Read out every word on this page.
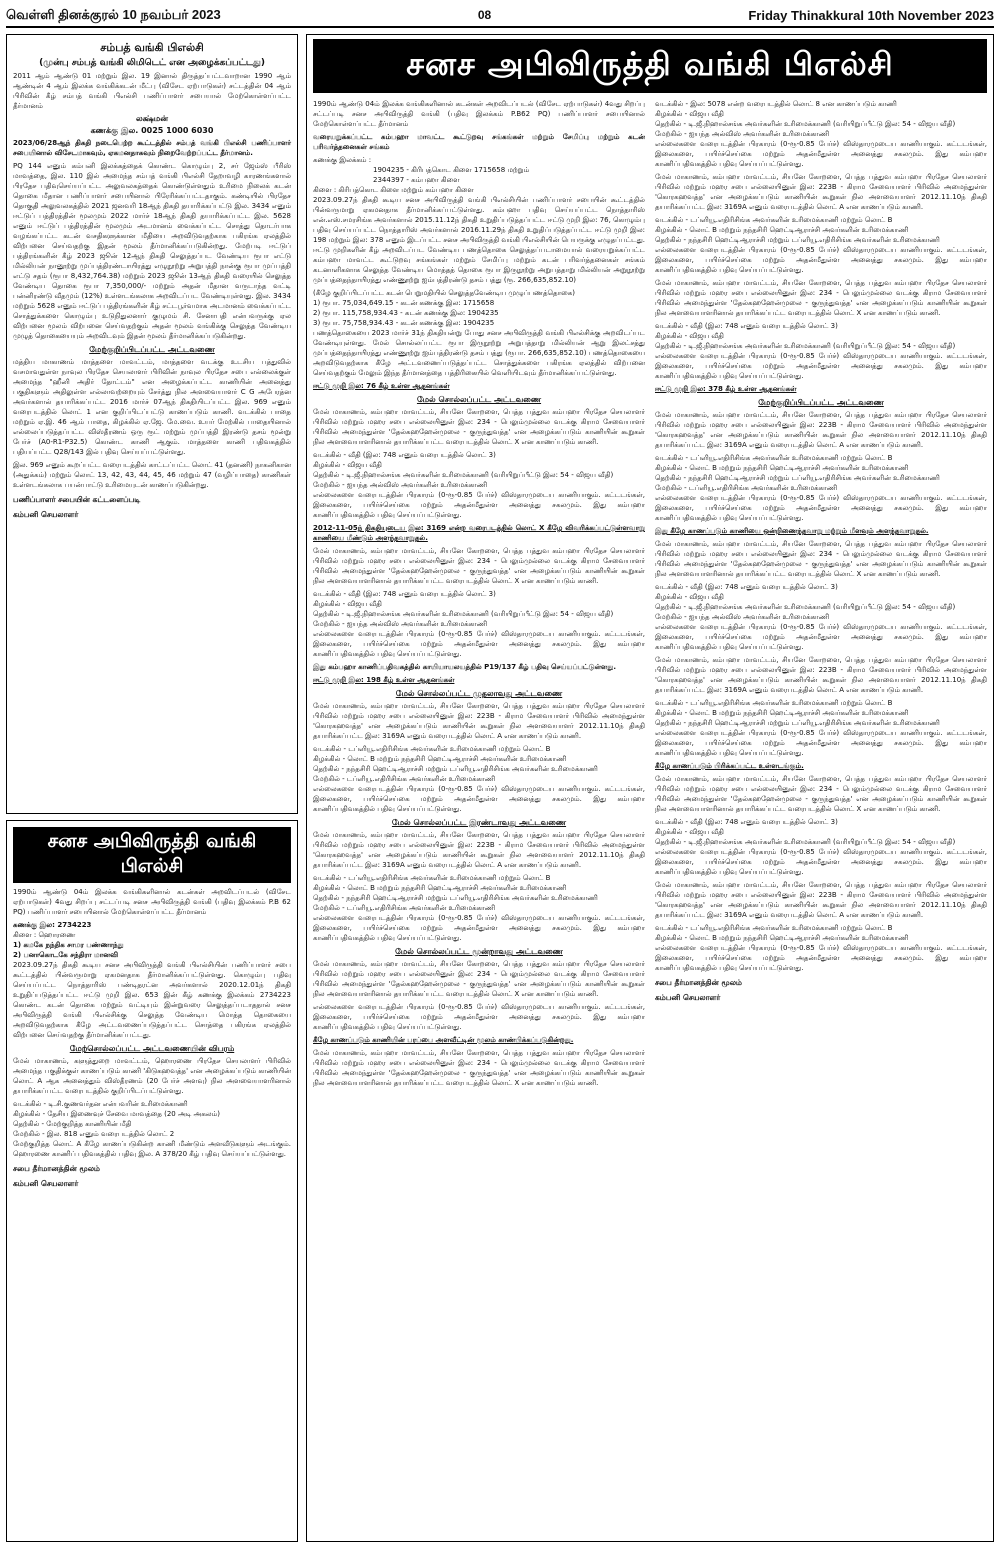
வெள்ளி தினக்குரல் 10 நவம்பர் 2023	08	Friday Thinakkural 10th November 2023
சம்பத் வங்கி பிஎல்சி
(முன்பு சம்பத் வங்கி லிமிடெட் என அழைக்கப்பட்டது)

2011 ஆம் ஆண்டு 01 மற்றும் இல. 19 இனால் திருத்தப்பட்டவாறான 1990 ஆம் ஆண்டின் 4 ஆம் இலக்க வங்கிக்கடன் மீட்பு (விசேட ஏற்பாடுகள்) சட்டத்தின் 04 ஆம் பிரிவின் கீழ் சம்பத் வங்கி பிஎல்சி பணிப்பாளர் சபையால் மேற்கொள்ளப்பட்ட தீர்மானம்

லக்ஷ்மன்
கணக்கு இல. 0025 1000 6030

2023/06/28ஆந் திகதி நடைபெற்ற கூட்டத்தில் சம்பத் வங்கி பிஎல்சி பணிப்பாளர் சபையினால் விசேடமாகவும், ஏகமனதாகவும் நிறைவேற்றப்பட்ட தீர்மானம்.

PQ 144 எனும் கம்பனி இலக்கத்தைக் கொண்ட கொழும்பு 2, சர் ஜேம்ஸ் பீரிஸ் மாவத்தை, இல. 110 இல் அமைந்த சம்பத் வங்கி பிஎல்சி தேறாவழி காரணங்களால் பிரதேச பதிவுசெய்யப்பட்ட அலுவலகத்தைக் கொண்டுள்ளதும் உரிமை நிலைக் கடன் தொகை மீதான பணிப்பாளர் சபையினால் பிரேரிக்கப்பட்டதாகும். கண்டியில் பிரதேச தொகுதி அலுவலகத்தில் 2021 ஜனவரி 18ஆந் திகதி தயாரிக்கப்பட்டு இல. 3434 எனும் ஈட்டுப் பத்திரத்தின் மூலமும் 2022 மார்ச் 18ஆந் திகதி தயாரிக்கப்பட்ட இல. 5628 எனும் ஈட்டுப் பத்திரத்தின் மூலமும் அடமானம் வைக்கப்பட்ட சொத்து தொடர்பாக வழங்கப்பட்ட கடன் வசதிகளுக்கான மீதியை அறவிடுவதற்காக பகிரங்க ஏலத்தில் விற்பனை செய்வதற்கு இதன் மூலம் தீர்மானிக்கப்படுகின்றது. மேற்படி ஈட்டுப் பத்திரங்களின் கீழ் 2023 ஜூன் 12ஆந் திகதி செலுத்தப்பட வேண்டிய ரூபா எட்டு மில்லியன் நானூற்று முப்பத்திரண்டாயிரத்து எழுநூற்று அறுபத்தி நான்கு ரூபா முப்பத்தி எட்டு சதம் (ரூபா 8,432,764.38) மற்றும் 2023 ஜூன் 13ஆந் திகதி வரையில் செலுத்த வேண்டிய தொகை ரூபா 7,350,000/- மற்றும் அதன் மீதான வருடாந்த வட்டி பன்னிரண்டு வீதமும் (12%) உள்ளடங்கலாக அறவிடப்பட வேண்டியுள்ளது. இல. 3434 மற்றும் 5628 எனும் ஈட்டுப் பத்திரங்களின் கீழ் சட்டபூர்வமாக அடமானம் வைக்கப்பட்ட சொத்துக்களை கொழும்பு உடுநிதுலனார் குழுமம் சி. சேனாபதி என்பவருக்கு ஏல விற்பனை மூலம் விற்பனை செய்வதற்கும் அதன் மூலம் வங்கிக்கு செலுத்த வேண்டிய முழுத் தொகையையும் அறவிடவும் இதன் மூலம் தீர்மானிக்கப்படுகின்றது.

மேற்குறிப்பிடப்பட்ட அட்டவணை

மத்திய மாகாணம் மாத்தளை மாவட்டம், மாத்தளை வடக்கு உடசிய பத்துவில் வசமாவதுள்ள நாவுல பிரதேச செயலாளர் பிரிவின் நாவுல பிரதேச சபை எல்லைக்குள் அமைந்த "ஹீனி அதிர் தோட்டம்" என அழைக்கப்பட்ட காணியின் அனைத்து பகுதிகளும் அதிலுள்ள எல்லாவற்றையும் சேர்த்து நில அளவையாளர் C G அபேரத்ன அவர்களால் தயாரிக்கப்பட்ட 2016 மார்ச் 07ஆந் திகதியிடப்பட்ட இல. 969 எனும் வரைபடத்தில் லொட் 1 என குறிப்பிடப்பட்டு காணப்படும் காணி. வடக்கில் பாதை மற்றும் ஏ.இ. 46 ஆம் பாதை, கிழக்கில் ஏ.ஜே. மே.வை. உயர் மேற்கில் பாதையினால் எல்லைப்படுத்தப்பட்ட விஸ்தீரணம் ஒரு ரூட் மற்றும் முப்பத்தி இரண்டு தசம் மூன்று பேர்ச் (A0-R1-P32.5) கொண்ட காணி ஆகும். மாத்தளை காணி பதிவகத்தில் பதியப்பட்ட Q28/143 இல் பதிவு செய்யப்பட்டுள்ளது.

இல. 969 எனும் கூறப்பட்ட வரைபடத்தில் காட்டப்பட்ட லொட் 41 (தனணி) நாகனிகான (அதுக்கம்) மற்றும் லொட் 13, 42, 43, 44, 45, 46 மற்றும் 47 (வழிப்பாதை) காணிகள் உள்ளடங்கலாக பயன்பாட்டு உரிமையுடன் காணப்படுகின்றது.

பணிப்பாளர் சபையின் கட்டளைப்படி
கம்பனி செயலாளர்
சனச அபிவிருத்தி வங்கி பிஎல்சி

1990ம் ஆண்டு 04ம் இலக்க வங்கிகளினால் கடன்கள் அறவிடப்படல் (விசேட ஏற்பாடுகள்) 4வது சிறப்பு சட்டப்படி சனச அபிவிருத்தி வங்கி (பதிவு இலக்கம் P.B 62 PQ) பணிப்பாளர் சபையினால் மேற்கொள்ளப்பட்ட தீர்மானம்

கணக்கு இல: 2734223

கிளை : ஹொரணை

1) கமகே நந்திக சாமர பண்ணாந்து

2) பனாகொடகே சந்திரா மானவி

2023.09.27ந் திகதி கூடிய சனச அபிவிருத்தி வங்கி பிஎல்சியின் பணிப்பாளர் சபை கூட்டத்தில் பின்வருமாறு ஏகமனதாக தீர்மானிக்கப்பட்டுள்ளது. கொழும்பு பதிவு செய்யப்பட்ட நொத்தாரிஸ் பண்டிதரட்ன அவர்களால் 2020.12.01ந் திகதி உறுதிப்படுத்தப்பட்ட ஈட்டு முறி இல. 653 இன் கீழ் கணக்கு இலக்கம் 2734223 கொண்ட கடன் தொகை மற்றும் வட்டியும் இன்றுவரை செலுத்தப்படாததால் சனச அபிவிருத்தி வங்கி பிஎல்சிக்கு செலுத்த வேண்டிய மொத்த தொகையை அறவிடுவதற்காக கீழே அட்டவணைப்படுத்தப்பட்ட சொத்தை பகிரங்க ஏலத்தில் விற்பனை செய்வதற்கு தீர்மானிக்கப்பட்டது.

மேற்சொல்லப்பட்ட அட்டவணையின் விபரம்

மேல் மாகாணம், களுத்துறை மாவட்டம், ஹொரணை பிரதேச செயலாளர் பிரிவில் அமைந்த பகுதிக்குள் காணப்படும் காணி 'கிடுகஹவத்த' என அழைக்கப்படும் காணியின் லொட் A ஆக அனைத்தும் விஸ்தீரணம் (20 பேர்ச் அளவு) நில அளவையாளரினால் தயாரிக்கப்பட்ட வரைபடத்தில் குறிப்பிடப்பட்டுள்ளது.

வடக்கில் - டி.சி.குணவர்தன என்பவரின் உரிமைக்காணி

கிழக்கில் - தேசிய இணைவுச் சேவை மாவத்தை (20 அடி அகலம்)

தெற்கில் - மேற்குறித்த காணியின் மீதி

மேற்கில் - இல. 818 எனும் வரைபடத்தில் லொட் 2

மேற்குறித்த லொட் A கீழே காணப்படுகின்ற காணி மீண்டும் அளவீடுகளும் அடங்கும். ஹொரணை காணிப் பதிவகத்தில் பதிவு இல. A 378/20 கீழ் பதிவு செய்யப்பட்டுள்ளது.

சபை தீர்மானத்தின் மூலம்
கம்பனி செயலாளர்
சனச அபிவிருத்தி வங்கி பிஎல்சி

1990ம் ஆண்டு 04ம் இலக்க வங்கிகளினால் கடன்கள் அறவிடப்படல் (விசேட ஏற்பாடுகள்) 4வது சிறப்பு சட்டப்படி சனச அபிவிருத்தி வங்கி (பதிவு இலக்கம் P.B62 PQ) பணிப்பாளர் சபையினால் மேற்கொள்ளப்பட்ட தீர்மானம்

வரையறுக்கப்பட்ட கம்பஹா மாவட்ட கூட்டுறவு சங்கங்கள் மற்றும் சேமிப்பு மற்றும் கடன் பரிவர்த்தனைகள் சங்கம்

கணக்கு இலக்கம் :

1904235 - கிரிபத்கொட கிளை 1715658 மற்றும்

2344397 - கம்பஹா கிளை

கிளை : கிரிபத்கொட கிளை மற்றும் கம்பஹா கிளை

2023.09.27ந் திகதி கூடிய சனச அபிவிருத்தி வங்கி பிஎல்சியின் பணிப்பாளர் சபையின் கூட்டத்தில் பின்வருமாறு ஏகமனதாக தீர்மானிக்கப்பட்டுள்ளது. கம்பஹா பதிவு செய்யப்பட்ட நொத்தாரிஸ் என்.எஸ்.சமரசிங்க அவர்களால் 2015.11.12ந் திகதி உறுதிப்படுத்தப்பட்ட ஈட்டு முறி இல: 76, கொழும்பு பதிவு செய்யப்பட்ட நொத்தாரிஸ் அவர்களால் 2016.11.29ந் திகதி உறுதிப்படுத்தப்பட்ட ஈட்டு முறி இல: 198 மற்றும் இல: 378 எனும் இடப்பட்ட சனச அபிவிருத்தி வங்கி பிஎல்சியின் பெயருக்கு எழுதப்பட்டது. ஈட்டு முறிகளின் கீழ் அறவிடப்பட வேண்டிய பணத்தொகை செலுத்தப்படாமையால் வரையறுக்கப்பட்ட கம்பஹா மாவட்ட கூட்டுறவு சங்கங்கள் மற்றும் சேமிப்பு மற்றும் கடன் பரிவர்த்தனைகள் சங்கம் கடனாளிகளாக செலுத்த வேண்டிய மொத்தத் தொகை ரூபா இருநூற்று அறுபத்தாறு மில்லியன் அறுநூற்று முப்பத்தைந்தாயிரத்து எண்ணூற்று ஐம்பத்திரண்டு தசம் பத்து (ரூ. 266,635,852.10)

(கீழே குறிப்பிடப்பட்ட கடன் பெறுமதியில் செலுத்தவேண்டிய முழுப்பணத்தொகை)

1) ரூபா. 75,034,649.15 - கடன் கணக்கு இல: 1715658

2) ரூபா. 115,758,934.43 - கடன் கணக்கு இல: 1904235

3) ரூபா. 75,758,934.43 - கடன் கணக்கு இல: 1904235

பணத்தொகையை 2023 மார்ச் 31ந் திகதியன்று போது சனச அபிவிருத்தி வங்கி பிஎல்சிக்கு அறவிடப்பட வேண்டியுள்ளது. மேல் சொல்லப்பட்ட ரூபா இருநூற்று அறுபத்தாறு மில்லியன் ஆறு இலட்சத்து முப்பத்தைந்தாயிரத்து எண்ணூற்று ஐம்பத்திரண்டு தசம் பத்து (ரூபா. 266,635,852.10) பணத்தொகையை அறவிடுவதற்காக கீழே அட்டவணைப்படுத்தப்பட்ட சொத்துக்களை பகிரங்க ஏலத்தில் விற்பனை செய்வதற்கும் மேலும் இந்த தீர்மானத்தை பத்திரிகையில் வெளியிடவும் தீர்மானிக்கப்பட்டுள்ளது.

ஈட்டு முறி இல: 76 கீழ் உள்ள ஆதனங்கள்

மேல் சொல்லப்பட்ட அட்டவணை

மேல் மாகாணம், கம்பஹா மாவட்டம், சியனே கோறளை, பெத்த பத்துவ கம்பஹா பிரதேச செயலாளர் பிரிவில் மற்றும் மஹர சபை எல்லையினுள் இல: 234 - பெலும்முல்லை வடக்கு கிராம சேவையாளர் பிரிவில் அமைந்துள்ள 'தேல்கஹஹேன்முலை - குருந்துவத்த' என அழைக்கப்படும் காணியின் கூறுகள் நில அளவையாளரினால் தயாரிக்கப்பட்ட வரைபடத்தில் லொட் X என காணப்படும் காணி.

வடக்கில் - வீதி (இல: 748 எனும் வரைபடத்தில் லொட் 3)

கிழக்கில் - விஜய வீதி

தெற்கில் - டி.ஜீ.நிஹால்சங்க அவர்களின் உரிமைக்காணி (வரியிறுப்பீட்டு இல: 54 - விஜய வீதி)

மேற்கில் - ஐயந்த அல்விஸ் அவர்களின் உரிமைக்காணி

எல்லைகளை வரைபடத்தின் பிரகாரம் (0-ரூ-0.85 பேர்ச்) விஸ்தாரமுடைய காணியாகும். கட்டடங்கள், இலைகளை, பயிர்ச்செய்கை மற்றும் அதன்மீதுள்ள அனைத்து சகலமும். இது கம்பஹா காணிப்பதிவகத்தில் பதிவு செய்யப்பட்டுள்ளது.

2012-11-05ந் திகதியுடைய இல: 3169 என்ற வரைபடத்தில் லொட் X கீழே விவரிக்கப்பட்டுள்ளவாறு காணியை மீண்டும் அளந்தவாறுதல்.

மேல் மாகாணம், கம்பஹா மாவட்டம், சியனே கோறளை, பெத்த பத்துவ கம்பஹா பிரதேச செயலாளர் பிரிவில் மற்றும் மஹர சபை எல்லையினுள் இல: 234 - பெலும்முல்லை வடக்கு கிராம சேவையாளர் பிரிவில் அமைந்துள்ள 'தேல்கஹஹேன்முலை - குருந்துவத்த' என அழைக்கப்படும் காணியின் கூறுகள் நில அளவையாளரினால் தயாரிக்கப்பட்ட வரைபடத்தில் லொட் X என காணப்படும் காணி.

வடக்கில் - வீதி (இல: 748 எனும் வரைபடத்தில் லொட் 3)

கிழக்கில் - விஜய வீதி

தெற்கில் - டி.ஜீ.நிஹால்சங்க அவர்களின் உரிமைக்காணி (வரியிறுப்பீட்டு இல: 54 - விஜய வீதி)

மேற்கில் - ஐயந்த அல்விஸ் அவர்களின் உரிமைக்காணி

எல்லைகளை வரைபடத்தின் பிரகாரம் (0-ரூ-0.85 பேர்ச்) விஸ்தாரமுடைய காணியாகும். கட்டடங்கள், இலைகளை, பயிர்ச்செய்கை மற்றும் அதன்மீதுள்ள அனைத்து சகலமும். இது கம்பஹா காணிப்பதிவகத்தில் பதிவு செய்யப்பட்டுள்ளது.

இது கம்பஹா காணிப்பதிவகத்தில் காயியாயலயத்தில் P19/137 கீழ் பதிவு செய்யப்பட்டுள்ளது.

ஈட்டு முறி இல: 198 கீழ் உள்ள ஆதனங்கள்

மேல் சொல்லப்பட்ட முதலாவது அட்டவணை

மேல் மாகாணம், கம்பஹா மாவட்டம், சியனே கோறளை, பெத்த பத்துவ கம்பஹா பிரதேச செயலாளர் பிரிவில் மற்றும் மஹர சபை எல்லையினுள் இல: 223B - கிராம சேவையாளர் பிரிவில் அமைந்துள்ள 'கொரகஹவத்த' என அழைக்கப்படும் காணியின் கூறுகள் நில அளவையாளர் 2012.11.10ந் திகதி தயாரிக்கப்பட்ட இல: 3169A எனும் வரைபடத்தில் லொட் A என காணப்படும் காணி.

வடக்கில் - டப்ளியூ.எதிரிசிங்க அவர்களின் உரிமைக்காணி மற்றும் லொட் B

கிழக்கில் - லொட் B மற்றும் நந்தசிரி ஹெட்டிஆராச்சி அவர்களின் உரிமைக்காணி

தெற்கில் - நந்தசிரி ஹெட்டிஆராச்சி மற்றும் டப்ளியூ.எதிரிசிங்க அவர்களின் உரிமைக்காணி

மேற்கில் - டப்ளியூ.எதிரிசிங்க அவர்களின் உரிமைக்காணி

எல்லைகளை வரைபடத்தின் பிரகாரம் (0-ரூ-0.85 பேர்ச்) விஸ்தாரமுடைய காணியாகும். கட்டடங்கள், இலைகளை, பயிர்ச்செய்கை மற்றும் அதன்மீதுள்ள அனைத்து சகலமும். இது கம்பஹா காணிப்பதிவகத்தில் பதிவு செய்யப்பட்டுள்ளது.

மேல் சொல்லப்பட்ட இரண்டாவது அட்டவணை

மேல் மாகாணம், கம்பஹா மாவட்டம், சியனே கோறளை, பெத்த பத்துவ கம்பஹா பிரதேச செயலாளர் பிரிவில் மற்றும் மஹர சபை எல்லையினுள் இல: 223B - கிராம சேவையாளர் பிரிவில் அமைந்துள்ள 'கொரகஹவத்த' என அழைக்கப்படும் காணியின் கூறுகள் நில அளவையாளர் 2012.11.10ந் திகதி தயாரிக்கப்பட்ட இல: 3169A எனும் வரைபடத்தில் லொட் A என காணப்படும் காணி.

வடக்கில் - டப்ளியூ.எதிரிசிங்க அவர்களின் உரிமைக்காணி மற்றும் லொட் B

கிழக்கில் - லொட் B மற்றும் நந்தசிரி ஹெட்டிஆராச்சி அவர்களின் உரிமைக்காணி

தெற்கில் - நந்தசிரி ஹெட்டிஆராச்சி மற்றும் டப்ளியூ.எதிரிசிங்க அவர்களின் உரிமைக்காணி

மேற்கில் - டப்ளியூ.எதிரிசிங்க அவர்களின் உரிமைக்காணி

எல்லைகளை வரைபடத்தின் பிரகாரம் (0-ரூ-0.85 பேர்ச்) விஸ்தாரமுடைய காணியாகும். கட்டடங்கள், இலைகளை, பயிர்ச்செய்கை மற்றும் அதன்மீதுள்ள அனைத்து சகலமும். இது கம்பஹா காணிப்பதிவகத்தில் பதிவு செய்யப்பட்டுள்ளது.

மேல் சொல்லப்பட்ட மூன்றாவது அட்டவணை

மேல் மாகாணம், கம்பஹா மாவட்டம், சியனே கோறளை, பெத்த பத்துவ கம்பஹா பிரதேச செயலாளர் பிரிவில் மற்றும் மஹர சபை எல்லையினுள் இல: 234 - பெலும்முல்லை வடக்கு கிராம சேவையாளர் பிரிவில் அமைந்துள்ள 'தேல்கஹஹேன்முலை - குருந்துவத்த' என அழைக்கப்படும் காணியின் கூறுகள் நில அளவையாளரினால் தயாரிக்கப்பட்ட வரைபடத்தில் லொட் X என காணப்படும் காணி.

எல்லைகளை வரைபடத்தின் பிரகாரம் (0-ரூ-0.85 பேர்ச்) விஸ்தாரமுடைய காணியாகும். கட்டடங்கள், இலைகளை, பயிர்ச்செய்கை மற்றும் அதன்மீதுள்ள அனைத்து சகலமும். இது கம்பஹா காணிப்பதிவகத்தில் பதிவு செய்யப்பட்டுள்ளது.

கீழே காணப்படும் காணியின் பரப்பை அளவீட்டின் மூலம் காண்பிக்கப்படுகின்றது.

மேல் மாகாணம், கம்பஹா மாவட்டம், சியனே கோறளை, பெத்த பத்துவ கம்பஹா பிரதேச செயலாளர் பிரிவில் மற்றும் மஹர சபை எல்லையினுள் இல: 234 - பெலும்முல்லை வடக்கு கிராம சேவையாளர் பிரிவில் அமைந்துள்ள 'தேல்கஹஹேன்முலை - குருந்துவத்த' என அழைக்கப்படும் காணியின் கூறுகள் நில அளவையாளரினால் தயாரிக்கப்பட்ட வரைபடத்தில் லொட் X என காணப்படும் காணி.

வடக்கில் - இல: 5078 என்ற வரைபடத்தில் லொட் 8 என காணப்படும் காணி

கிழக்கில் - விஜய வீதி

தெற்கில் - டி.ஜீ.நிஹால்சங்க அவர்களின் உரிமைக்காணி (வரியிறுப்பீட்டு இல: 54 - விஜய வீதி)

மேற்கில் - ஐயந்த அல்விஸ் அவர்களின் உரிமைக்காணி

எல்லைகளை வரைபடத்தின் பிரகாரம் (0-ரூ-0.85 பேர்ச்) விஸ்தாரமுடைய காணியாகும். கட்டடங்கள், இலைகளை, பயிர்ச்செய்கை மற்றும் அதன்மீதுள்ள அனைத்து சகலமும். இது கம்பஹா காணிப்பதிவகத்தில் பதிவு செய்யப்பட்டுள்ளது.

மேல் மாகாணம், கம்பஹா மாவட்டம், சியனே கோறளை, பெத்த பத்துவ கம்பஹா பிரதேச செயலாளர் பிரிவில் மற்றும் மஹர சபை எல்லையினுள் இல: 223B - கிராம சேவையாளர் பிரிவில் அமைந்துள்ள 'கொரகஹவத்த' என அழைக்கப்படும் காணியின் கூறுகள் நில அளவையாளர் 2012.11.10ந் திகதி தயாரிக்கப்பட்ட இல: 3169A எனும் வரைபடத்தில் லொட் A என காணப்படும் காணி.

வடக்கில் - டப்ளியூ.எதிரிசிங்க அவர்களின் உரிமைக்காணி மற்றும் லொட் B

கிழக்கில் - லொட் B மற்றும் நந்தசிரி ஹெட்டிஆராச்சி அவர்களின் உரிமைக்காணி

தெற்கில் - நந்தசிரி ஹெட்டிஆராச்சி மற்றும் டப்ளியூ.எதிரிசிங்க அவர்களின் உரிமைக்காணி

எல்லைகளை வரைபடத்தின் பிரகாரம் (0-ரூ-0.85 பேர்ச்) விஸ்தாரமுடைய காணியாகும். கட்டடங்கள், இலைகளை, பயிர்ச்செய்கை மற்றும் அதன்மீதுள்ள அனைத்து சகலமும். இது கம்பஹா காணிப்பதிவகத்தில் பதிவு செய்யப்பட்டுள்ளது.

மேல் மாகாணம், கம்பஹா மாவட்டம், சியனே கோறளை, பெத்த பத்துவ கம்பஹா பிரதேச செயலாளர் பிரிவில் மற்றும் மஹர சபை எல்லையினுள் இல: 234 - பெலும்முல்லை வடக்கு கிராம சேவையாளர் பிரிவில் அமைந்துள்ள 'தேல்கஹஹேன்முலை - குருந்துவத்த' என அழைக்கப்படும் காணியின் கூறுகள் நில அளவையாளரினால் தயாரிக்கப்பட்ட வரைபடத்தில் லொட் X என காணப்படும் காணி.

வடக்கில் - வீதி (இல: 748 எனும் வரைபடத்தில் லொட் 3)

கிழக்கில் - விஜய வீதி

தெற்கில் - டி.ஜீ.நிஹால்சங்க அவர்களின் உரிமைக்காணி (வரியிறுப்பீட்டு இல: 54 - விஜய வீதி)

எல்லைகளை வரைபடத்தின் பிரகாரம் (0-ரூ-0.85 பேர்ச்) விஸ்தாரமுடைய காணியாகும். கட்டடங்கள், இலைகளை, பயிர்ச்செய்கை மற்றும் அதன்மீதுள்ள அனைத்து சகலமும். இது கம்பஹா காணிப்பதிவகத்தில் பதிவு செய்யப்பட்டுள்ளது.

ஈட்டு முறி இல: 378 கீழ் உள்ள ஆதனங்கள்

மேற்குறிப்பிடப்பட்ட அட்டவணை

மேல் மாகாணம், கம்பஹா மாவட்டம், சியனே கோறளை, பெத்த பத்துவ கம்பஹா பிரதேச செயலாளர் பிரிவில் மற்றும் மஹர சபை எல்லையினுள் இல: 223B - கிராம சேவையாளர் பிரிவில் அமைந்துள்ள 'கொரகஹவத்த' என அழைக்கப்படும் காணியின் கூறுகள் நில அளவையாளர் 2012.11.10ந் திகதி தயாரிக்கப்பட்ட இல: 3169A எனும் வரைபடத்தில் லொட் A என காணப்படும் காணி.

வடக்கில் - டப்ளியூ.எதிரிசிங்க அவர்களின் உரிமைக்காணி மற்றும் லொட் B

கிழக்கில் - லொட் B மற்றும் நந்தசிரி ஹெட்டிஆராச்சி அவர்களின் உரிமைக்காணி

தெற்கில் - நந்தசிரி ஹெட்டிஆராச்சி மற்றும் டப்ளியூ.எதிரிசிங்க அவர்களின் உரிமைக்காணி

மேற்கில் - டப்ளியூ.எதிரிசிங்க அவர்களின் உரிமைக்காணி

எல்லைகளை வரைபடத்தின் பிரகாரம் (0-ரூ-0.85 பேர்ச்) விஸ்தாரமுடைய காணியாகும். கட்டடங்கள், இலைகளை, பயிர்ச்செய்கை மற்றும் அதன்மீதுள்ள அனைத்து சகலமும். இது கம்பஹா காணிப்பதிவகத்தில் பதிவு செய்யப்பட்டுள்ளது.

இது கீழே காணப்படும் காணியை ஒன்றிணைந்தவாறு மற்றும் மீளவும் அளந்தவாறுதல்.

மேல் மாகாணம், கம்பஹா மாவட்டம், சியனே கோறளை, பெத்த பத்துவ கம்பஹா பிரதேச செயலாளர் பிரிவில் மற்றும் மஹர சபை எல்லையினுள் இல: 234 - பெலும்முல்லை வடக்கு கிராம சேவையாளர் பிரிவில் அமைந்துள்ள 'தேல்கஹஹேன்முலை - குருந்துவத்த' என அழைக்கப்படும் காணியின் கூறுகள் நில அளவையாளரினால் தயாரிக்கப்பட்ட வரைபடத்தில் லொட் X என காணப்படும் காணி.

வடக்கில் - வீதி (இல: 748 எனும் வரைபடத்தில் லொட் 3)

கிழக்கில் - விஜய வீதி

தெற்கில் - டி.ஜீ.நிஹால்சங்க அவர்களின் உரிமைக்காணி (வரியிறுப்பீட்டு இல: 54 - விஜய வீதி)

மேற்கில் - ஐயந்த அல்விஸ் அவர்களின் உரிமைக்காணி

எல்லைகளை வரைபடத்தின் பிரகாரம் (0-ரூ-0.85 பேர்ச்) விஸ்தாரமுடைய காணியாகும். கட்டடங்கள், இலைகளை, பயிர்ச்செய்கை மற்றும் அதன்மீதுள்ள அனைத்து சகலமும். இது கம்பஹா காணிப்பதிவகத்தில் பதிவு செய்யப்பட்டுள்ளது.

மேல் மாகாணம், கம்பஹா மாவட்டம், சியனே கோறளை, பெத்த பத்துவ கம்பஹா பிரதேச செயலாளர் பிரிவில் மற்றும் மஹர சபை எல்லையினுள் இல: 223B - கிராம சேவையாளர் பிரிவில் அமைந்துள்ள 'கொரகஹவத்த' என அழைக்கப்படும் காணியின் கூறுகள் நில அளவையாளர் 2012.11.10ந் திகதி தயாரிக்கப்பட்ட இல: 3169A எனும் வரைபடத்தில் லொட் A என காணப்படும் காணி.

வடக்கில் - டப்ளியூ.எதிரிசிங்க அவர்களின் உரிமைக்காணி மற்றும் லொட் B

கிழக்கில் - லொட் B மற்றும் நந்தசிரி ஹெட்டிஆராச்சி அவர்களின் உரிமைக்காணி

தெற்கில் - நந்தசிரி ஹெட்டிஆராச்சி மற்றும் டப்ளியூ.எதிரிசிங்க அவர்களின் உரிமைக்காணி

எல்லைகளை வரைபடத்தின் பிரகாரம் (0-ரூ-0.85 பேர்ச்) விஸ்தாரமுடைய காணியாகும். கட்டடங்கள், இலைகளை, பயிர்ச்செய்கை மற்றும் அதன்மீதுள்ள அனைத்து சகலமும். இது கம்பஹா காணிப்பதிவகத்தில் பதிவு செய்யப்பட்டுள்ளது.

கீழே காணப்படும் பிரிக்கப்பட்ட உள்ளடங்கும்.

மேல் மாகாணம், கம்பஹா மாவட்டம், சியனே கோறளை, பெத்த பத்துவ கம்பஹா பிரதேச செயலாளர் பிரிவில் மற்றும் மஹர சபை எல்லையினுள் இல: 234 - பெலும்முல்லை வடக்கு கிராம சேவையாளர் பிரிவில் அமைந்துள்ள 'தேல்கஹஹேன்முலை - குருந்துவத்த' என அழைக்கப்படும் காணியின் கூறுகள் நில அளவையாளரினால் தயாரிக்கப்பட்ட வரைபடத்தில் லொட் X என காணப்படும் காணி.

வடக்கில் - வீதி (இல: 748 எனும் வரைபடத்தில் லொட் 3)

கிழக்கில் - விஜய வீதி

தெற்கில் - டி.ஜீ.நிஹால்சங்க அவர்களின் உரிமைக்காணி (வரியிறுப்பீட்டு இல: 54 - விஜய வீதி)

எல்லைகளை வரைபடத்தின் பிரகாரம் (0-ரூ-0.85 பேர்ச்) விஸ்தாரமுடைய காணியாகும். கட்டடங்கள், இலைகளை, பயிர்ச்செய்கை மற்றும் அதன்மீதுள்ள அனைத்து சகலமும். இது கம்பஹா காணிப்பதிவகத்தில் பதிவு செய்யப்பட்டுள்ளது.

மேல் மாகாணம், கம்பஹா மாவட்டம், சியனே கோறளை, பெத்த பத்துவ கம்பஹா பிரதேச செயலாளர் பிரிவில் மற்றும் மஹர சபை எல்லையினுள் இல: 223B - கிராம சேவையாளர் பிரிவில் அமைந்துள்ள 'கொரகஹவத்த' என அழைக்கப்படும் காணியின் கூறுகள் நில அளவையாளர் 2012.11.10ந் திகதி தயாரிக்கப்பட்ட இல: 3169A எனும் வரைபடத்தில் லொட் A என காணப்படும் காணி.

வடக்கில் - டப்ளியூ.எதிரிசிங்க அவர்களின் உரிமைக்காணி மற்றும் லொட் B

கிழக்கில் - லொட் B மற்றும் நந்தசிரி ஹெட்டிஆராச்சி அவர்களின் உரிமைக்காணி

எல்லைகளை வரைபடத்தின் பிரகாரம் (0-ரூ-0.85 பேர்ச்) விஸ்தாரமுடைய காணியாகும். கட்டடங்கள், இலைகளை, பயிர்ச்செய்கை மற்றும் அதன்மீதுள்ள அனைத்து சகலமும். இது கம்பஹா காணிப்பதிவகத்தில் பதிவு செய்யப்பட்டுள்ளது.

சபை தீர்மானத்தின் மூலம்
கம்பனி செயலாளர்
